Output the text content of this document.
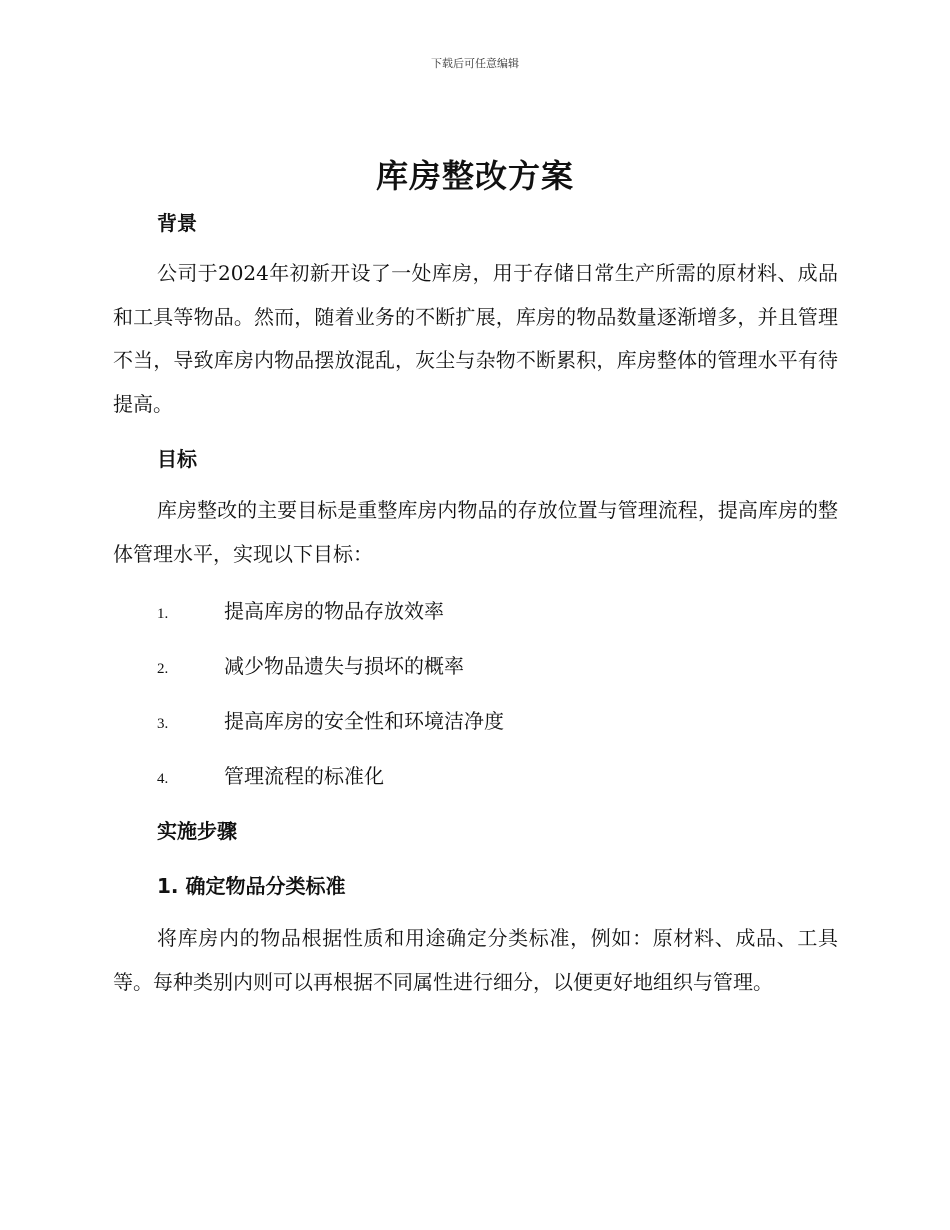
下载后可任意编辑
库房整改方案
背景
公司于2024年初新开设了一处库房，用于存储日常生产所需的原材料、成品和工具等物品。然而，随着业务的不断扩展，库房的物品数量逐渐增多，并且管理不当，导致库房内物品摆放混乱，灰尘与杂物不断累积，库房整体的管理水平有待提高。
目标
库房整改的主要目标是重整库房内物品的存放位置与管理流程，提高库房的整体管理水平，实现以下目标：
1.	提高库房的物品存放效率
2.	减少物品遗失与损坏的概率
3.	提高库房的安全性和环境洁净度
4.	管理流程的标准化
实施步骤
1. 确定物品分类标准
将库房内的物品根据性质和用途确定分类标准，例如：原材料、成品、工具等。每种类别内则可以再根据不同属性进行细分，以便更好地组织与管理。
